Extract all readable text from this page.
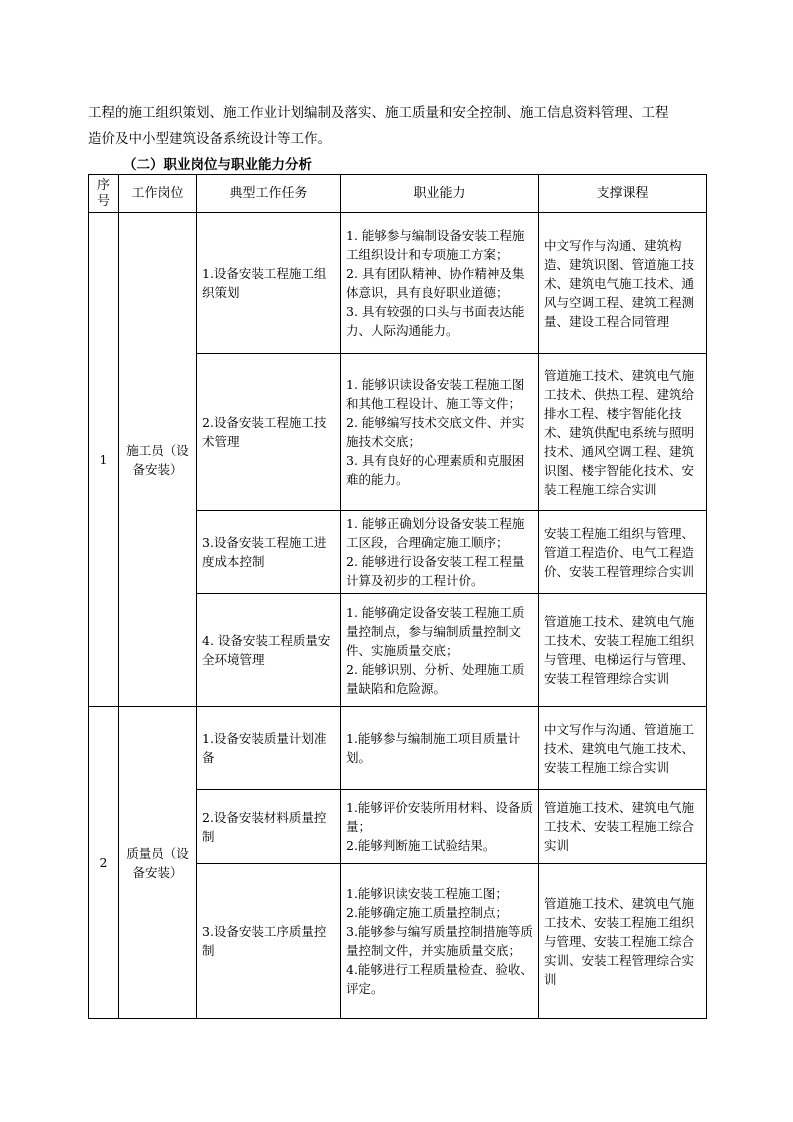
工程的施工组织策划、施工作业计划编制及落实、施工质量和安全控制、施工信息资料管理、工程
造价及中小型建筑设备系统设计等工作。

（二）职业岗位与职业能力分析
序号	工作岗位	典型工作任务	职业能力	支撑课程
1	施工员（设备安装）	1.设备安装工程施工组织策划	1. 能够参与编制设备安装工程施工组织设计和专项施工方案；
2. 具有团队精神、协作精神及集体意识，具有良好职业道德；
3. 具有较强的口头与书面表达能力、人际沟通能力。	中文写作与沟通、建筑构造、建筑识图、管道施工技术、建筑电气施工技术、通风与空调工程、建筑工程测量、建设工程合同管理
		2.设备安装工程施工技术管理	1. 能够识读设备安装工程施工图和其他工程设计、施工等文件；
2. 能够编写技术交底文件、并实施技术交底；
3. 具有良好的心理素质和克服困难的能力。	管道施工技术、建筑电气施工技术、供热工程、建筑给排水工程、楼宇智能化技术、建筑供配电系统与照明技术、通风空调工程、建筑识图、楼宇智能化技术、安装工程施工综合实训
		3.设备安装工程施工进度成本控制	1. 能够正确划分设备安装工程施工区段，合理确定施工顺序；
2. 能够进行设备安装工程工程量计算及初步的工程计价。	安装工程施工组织与管理、管道工程造价、电气工程造价、安装工程管理综合实训
		4. 设备安装工程质量安全环境管理	1. 能够确定设备安装工程施工质量控制点，参与编制质量控制文件、实施质量交底；
2. 能够识别、分析、处理施工质量缺陷和危险源。	管道施工技术、建筑电气施工技术、安装工程施工组织与管理、电梯运行与管理、安装工程管理综合实训
2	质量员（设备安装）	1.设备安装质量计划准备	1.能够参与编制施工项目质量计划。	中文写作与沟通、管道施工技术、建筑电气施工技术、安装工程施工综合实训
		2.设备安装材料质量控制	1.能够评价安装所用材料、设备质量；
2.能够判断施工试验结果。	管道施工技术、建筑电气施工技术、安装工程施工综合实训
		3.设备安装工序质量控制	1.能够识读安装工程施工图；
2.能够确定施工质量控制点；
3.能够参与编写质量控制措施等质量控制文件，并实施质量交底；
4.能够进行工程质量检查、验收、评定。	管道施工技术、建筑电气施工技术、安装工程施工组织与管理、安装工程施工综合实训、安装工程管理综合实训
